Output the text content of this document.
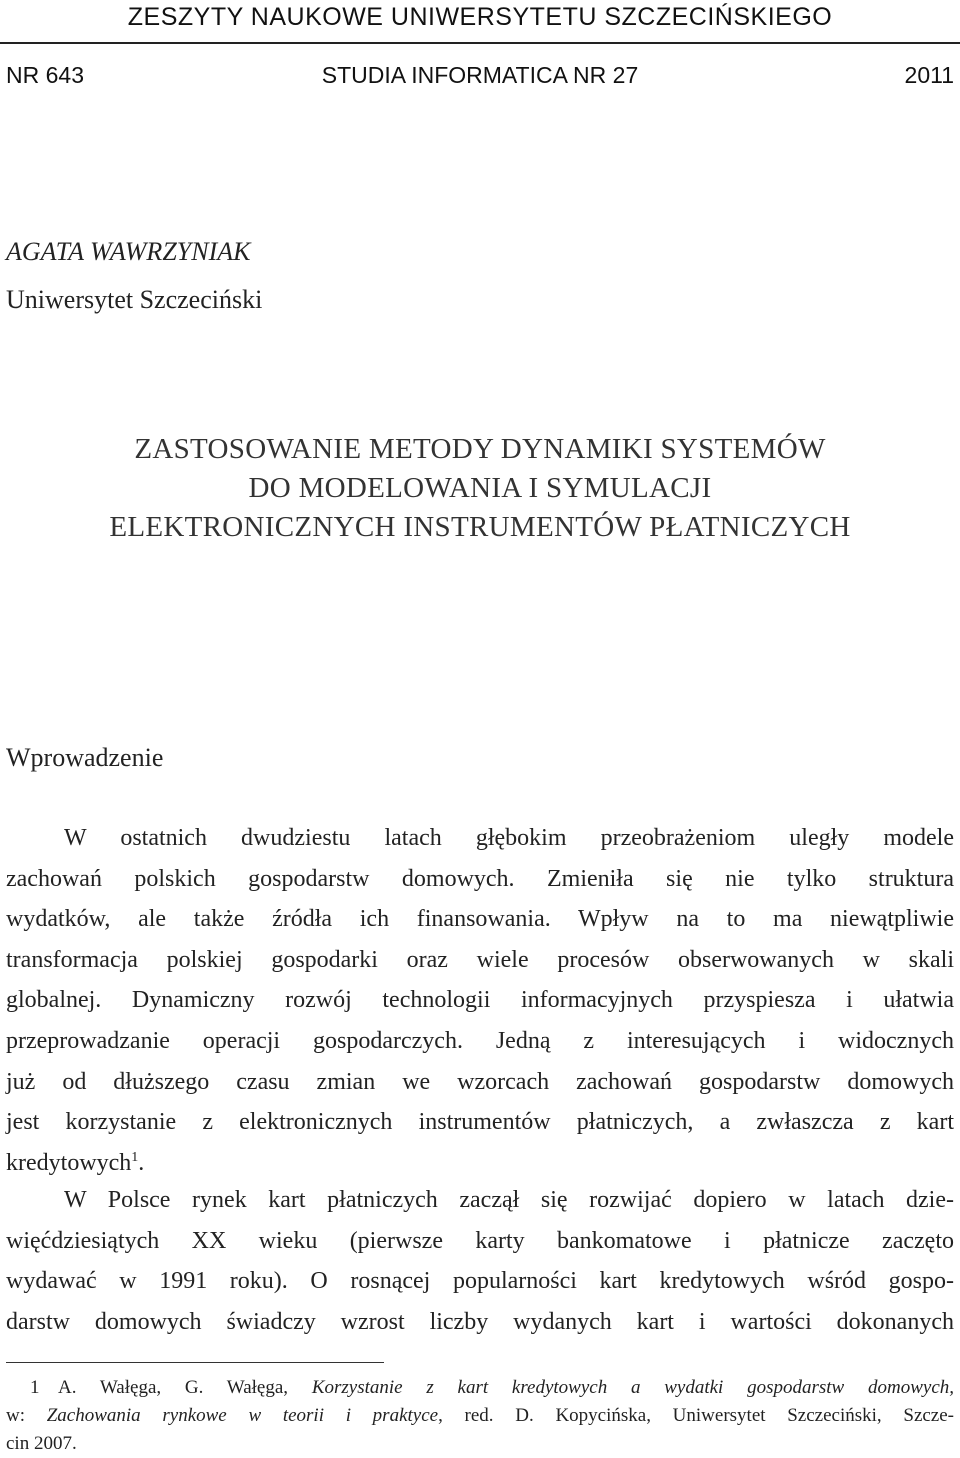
ZESZYTY NAUKOWE UNIWERSYTETU SZCZECIŃSKIEGO
STUDIA INFORMATICA NR 27
NR 643	2011
AGATA WAWRZYNIAK
Uniwersytet Szczeciński
ZASTOSOWANIE METODY DYNAMIKI SYSTEMÓW
DO MODELOWANIA I SYMULACJI
ELEKTRONICZNYCH INSTRUMENTÓW PŁATNICZYCH
Wprowadzenie
W ostatnich dwudziestu latach głębokim przeobrażeniom uległy modele
zachowań polskich gospodarstw domowych. Zmieniła się nie tylko struktura
wydatków, ale także źródła ich finansowania. Wpływ na to ma niewątpliwie
transformacja polskiej gospodarki oraz wiele procesów obserwowanych w skali
globalnej. Dynamiczny rozwój technologii informacyjnych przyspiesza i ułatwia
przeprowadzanie operacji gospodarczych. Jedną z interesujących i widocznych
już od dłuższego czasu zmian we wzorcach zachowań gospodarstw domowych
jest korzystanie z elektronicznych instrumentów płatniczych, a zwłaszcza z kart
kredytowych$^1$.
W Polsce rynek kart płatniczych zaczął się rozwijać dopiero w latach dzie-
więćdziesiątych XX wieku (pierwsze karty bankomatowe i płatnicze zaczęto
wydawać w 1991 roku). O rosnącej popularności kart kredytowych wśród gospo-
darstw domowych świadczy wzrost liczby wydanych kart i wartości dokonanych
1 A. Wałęga, G. Wałęga, Korzystanie z kart kredytowych a wydatki gospodarstw domowych,
w: Zachowania rynkowe w teorii i praktyce, red. D. Kopycińska, Uniwersytet Szczeciński, Szcze-
cin 2007.
